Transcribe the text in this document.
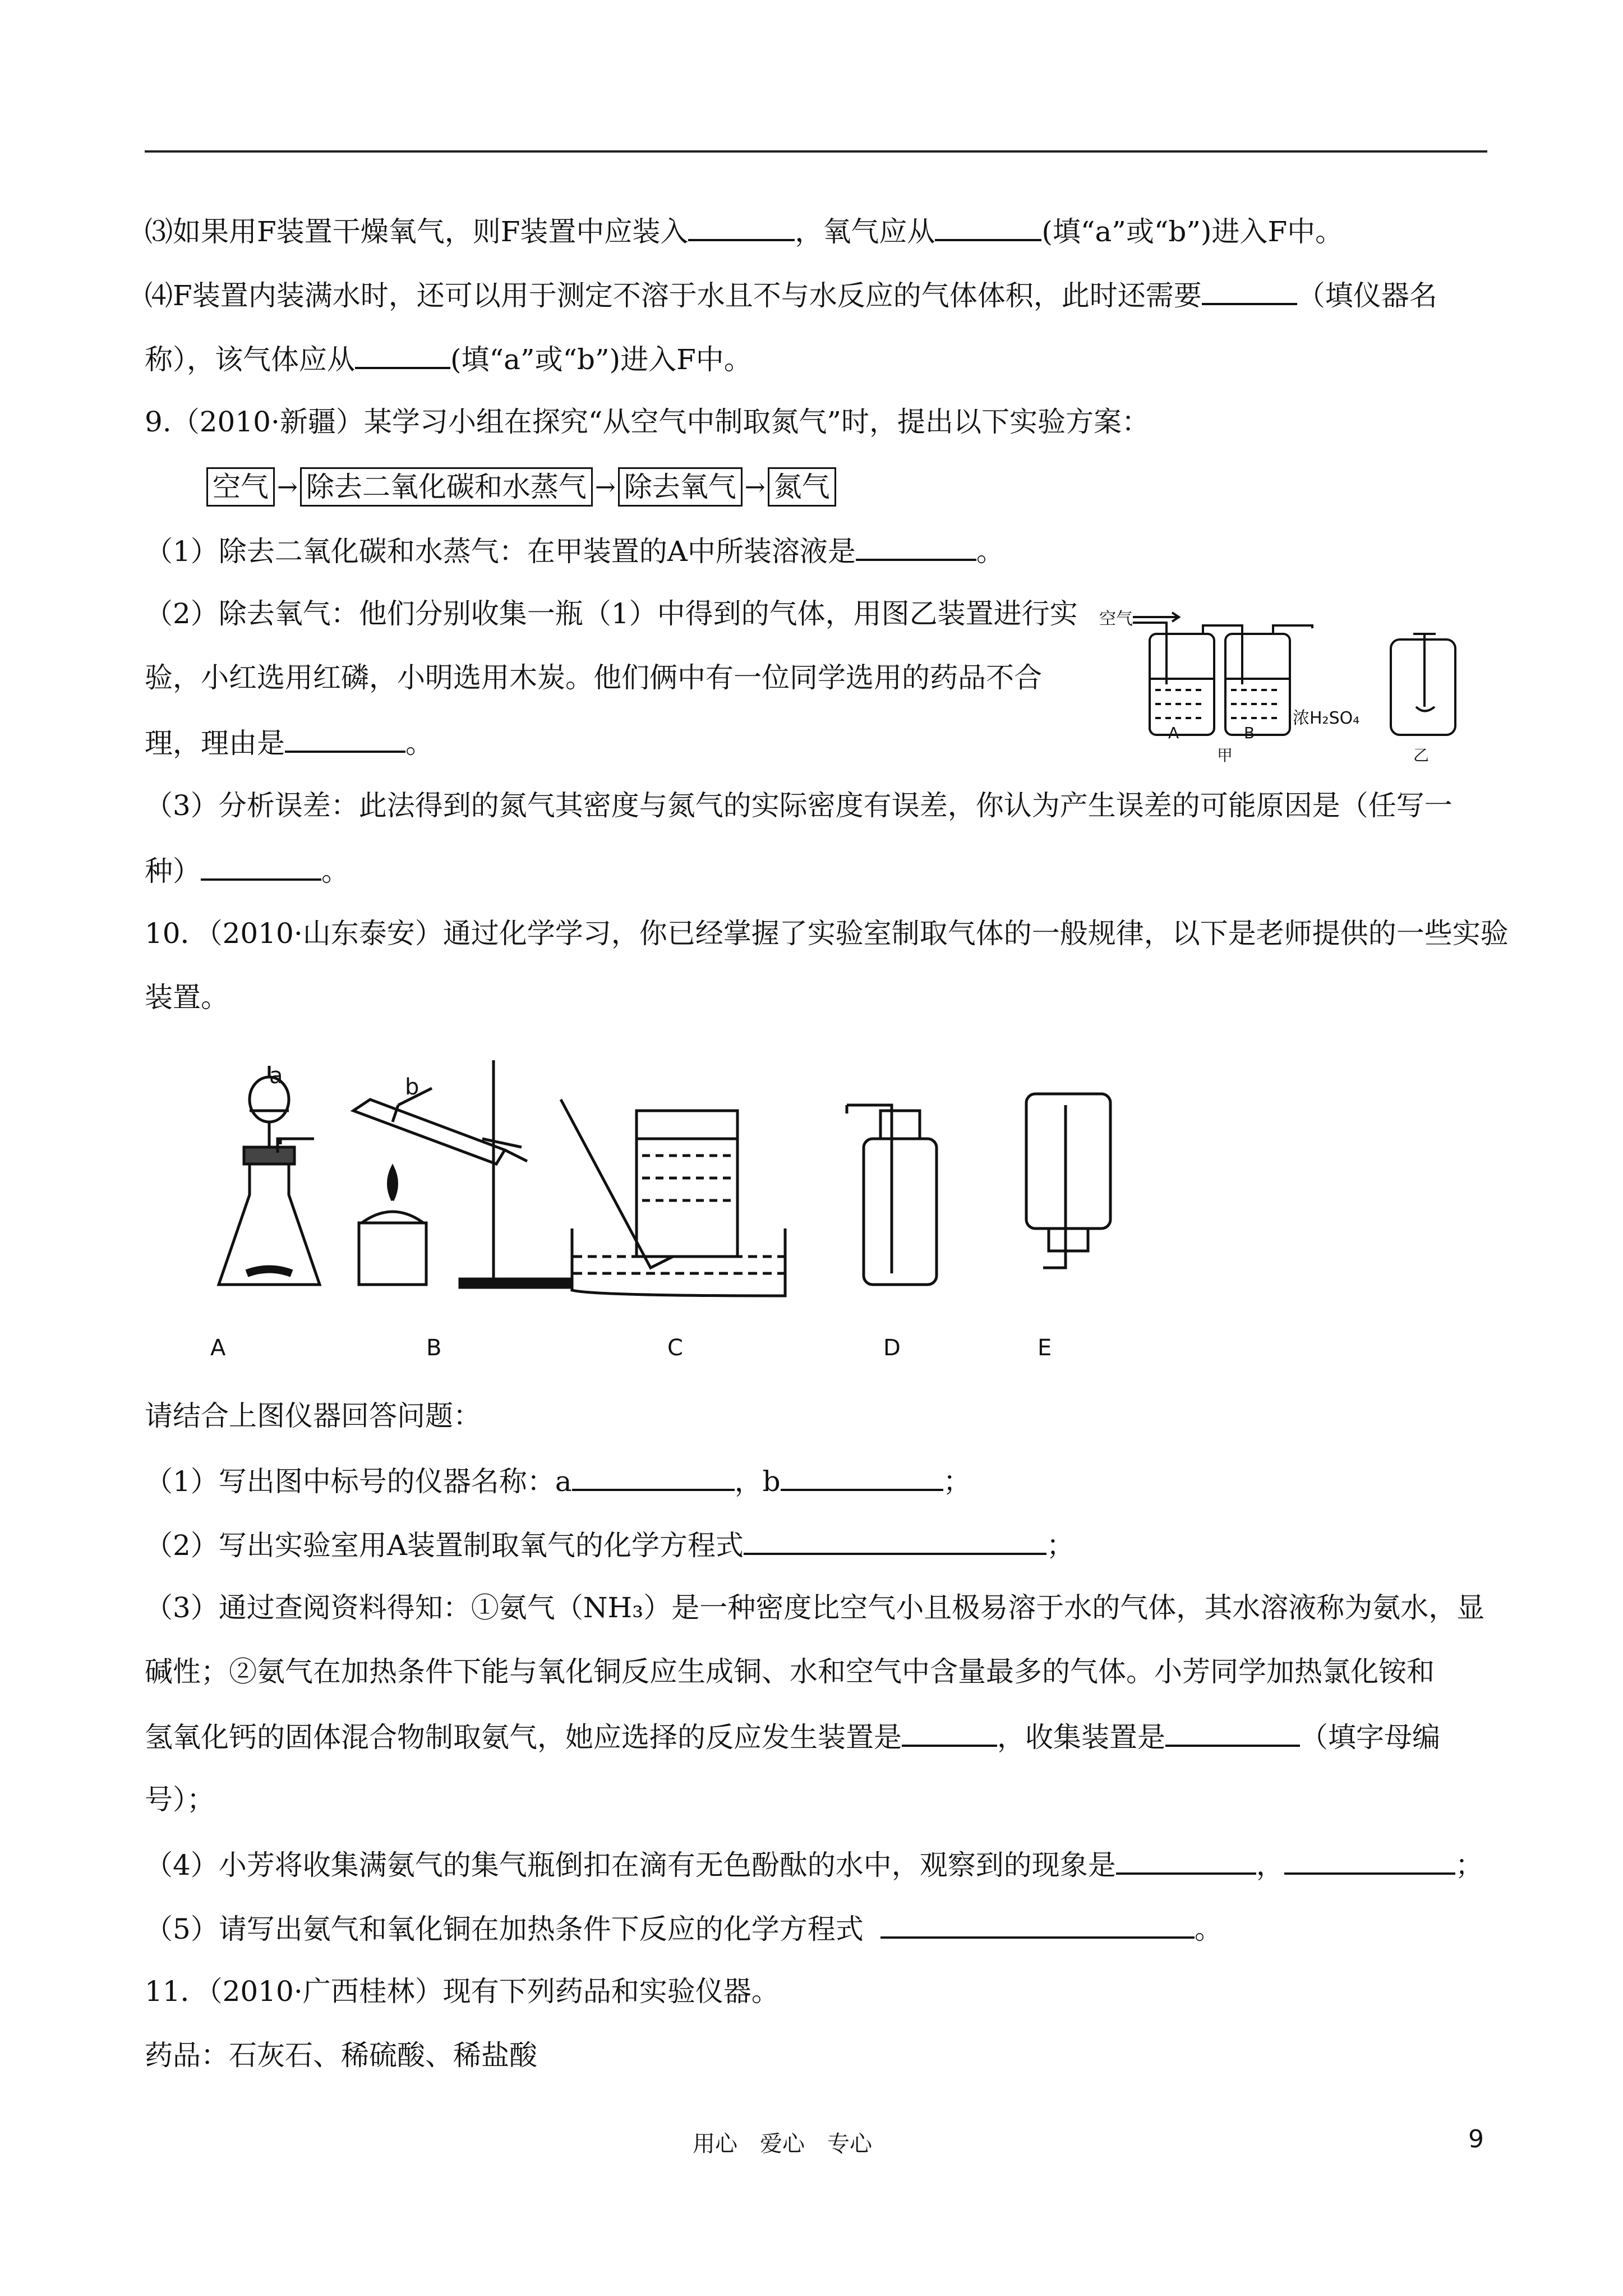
⑶如果用F装置干燥氧气，则F装置中应装入	，氧气应从	(填“a”或“b”)进入F中。
⑷F装置内装满水时，还可以用于测定不溶于水且不与水反应的气体体积，此时还需要	（填仪器名
称），该气体应从	(填“a”或“b”)进入F中。
9.（2010·新疆）某学习小组在探究“从空气中制取氮气”时，提出以下实验方案：
空气 → 除去二氧化碳和水蒸气 → 除去氧气 → 氮气
（1）除去二氧化碳和水蒸气：在甲装置的A中所装溶液是	。
（2）除去氧气：他们分别收集一瓶（1）中得到的气体，用图乙装置进行实
验，小红选用红磷，小明选用木炭。他们俩中有一位同学选用的药品不合
理，理由是	。
空气
A	B
浓H₂SO₄
甲	乙
（3）分析误差：此法得到的氮气其密度与氮气的实际密度有误差，你认为产生误差的可能原因是（任写一
种）	。
10．（2010·山东泰安）通过化学学习，你已经掌握了实验室制取气体的一般规律，以下是老师提供的一些实验
装置。
a	b
A	B	C	D	E
请结合上图仪器回答问题：
（1）写出图中标号的仪器名称：a	，b	；
（2）写出实验室用A装置制取氧气的化学方程式	；
（3）通过查阅资料得知：①氨气（NH₃）是一种密度比空气小且极易溶于水的气体，其水溶液称为氨水，显
碱性；②氨气在加热条件下能与氧化铜反应生成铜、水和空气中含量最多的气体。小芳同学加热氯化铵和
氢氧化钙的固体混合物制取氨气，她应选择的反应发生装置是	，收集装置是	（填字母编
号）；
（4）小芳将收集满氨气的集气瓶倒扣在滴有无色酚酞的水中，观察到的现象是	，	；
（5）请写出氨气和氧化铜在加热条件下反应的化学方程式	。
11．（2010·广西桂林）现有下列药品和实验仪器。
药品：石灰石、稀硫酸、稀盐酸
用心　爱心　专心	9
